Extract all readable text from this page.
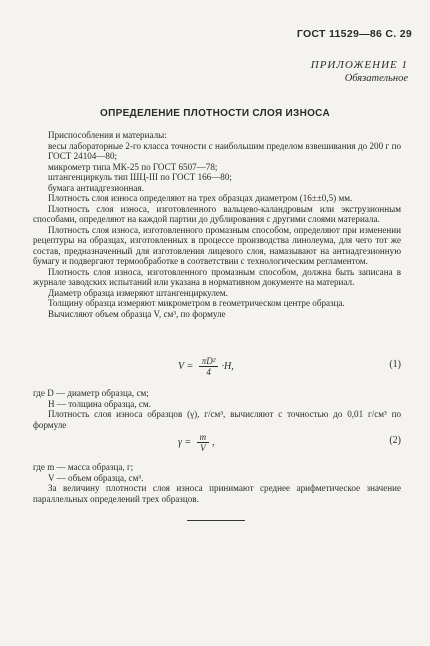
ГОСТ 11529—86 С. 29
ПРИЛОЖЕНИЕ 1
Обязательное
ОПРЕДЕЛЕНИЕ ПЛОТНОСТИ СЛОЯ ИЗНОСА

Приспособления и материалы:

весы лабораторные 2-го класса точности с наибольшим пределом взвешивания до 200 г по ГОСТ 24104—80;

микрометр типа МК-25 по ГОСТ 6507—78;

штангенциркуль тип ШЦ-III по ГОСТ 166—80;

бумага антиадгезионная.

Плотность слоя износа определяют на трех образцах диаметром (16±±0,5) мм.

Плотность слоя износа, изготовленного вальцево-каландровым или экструзионным способами, определяют на каждой партии до дублирования с другими слоями материала.

Плотность слоя износа, изготовленного промазным способом, определяют при изменении рецептуры на образцах, изготовленных в процессе производства линолеума, для чего тот же состав, предназначенный для изготовления лицевого слоя, намазывают на антиадгезионную бумагу и подвергают термообработке в соответствии с технологическим регламентом.

Плотность слоя износа, изготовленного промазным способом, должна быть записана в журнале заводских испытаний или указана в нормативном документе на материал.

Диаметр образца измеряют штангенциркулем.

Толщину образца измеряют микрометром в геометрическом центре образца.

Вычисляют объем образца V, см³, по формуле

$V = \frac{\text{πD²}}{4} \cdot H$,	(1)

где D — диаметр образца, см;

H — толщина образца, см.

Плотность слоя износа образцов (γ), г/см³, вычисляют с точностью до 0,01 г/см³ по формуле

$\gamma = \frac{m}{V}$ ,	(2)

где m — масса образца, г;

V — объем образца, см³.

За величину плотности слоя износа принимают среднее арифметическое значение параллельных определений трех образцов.
